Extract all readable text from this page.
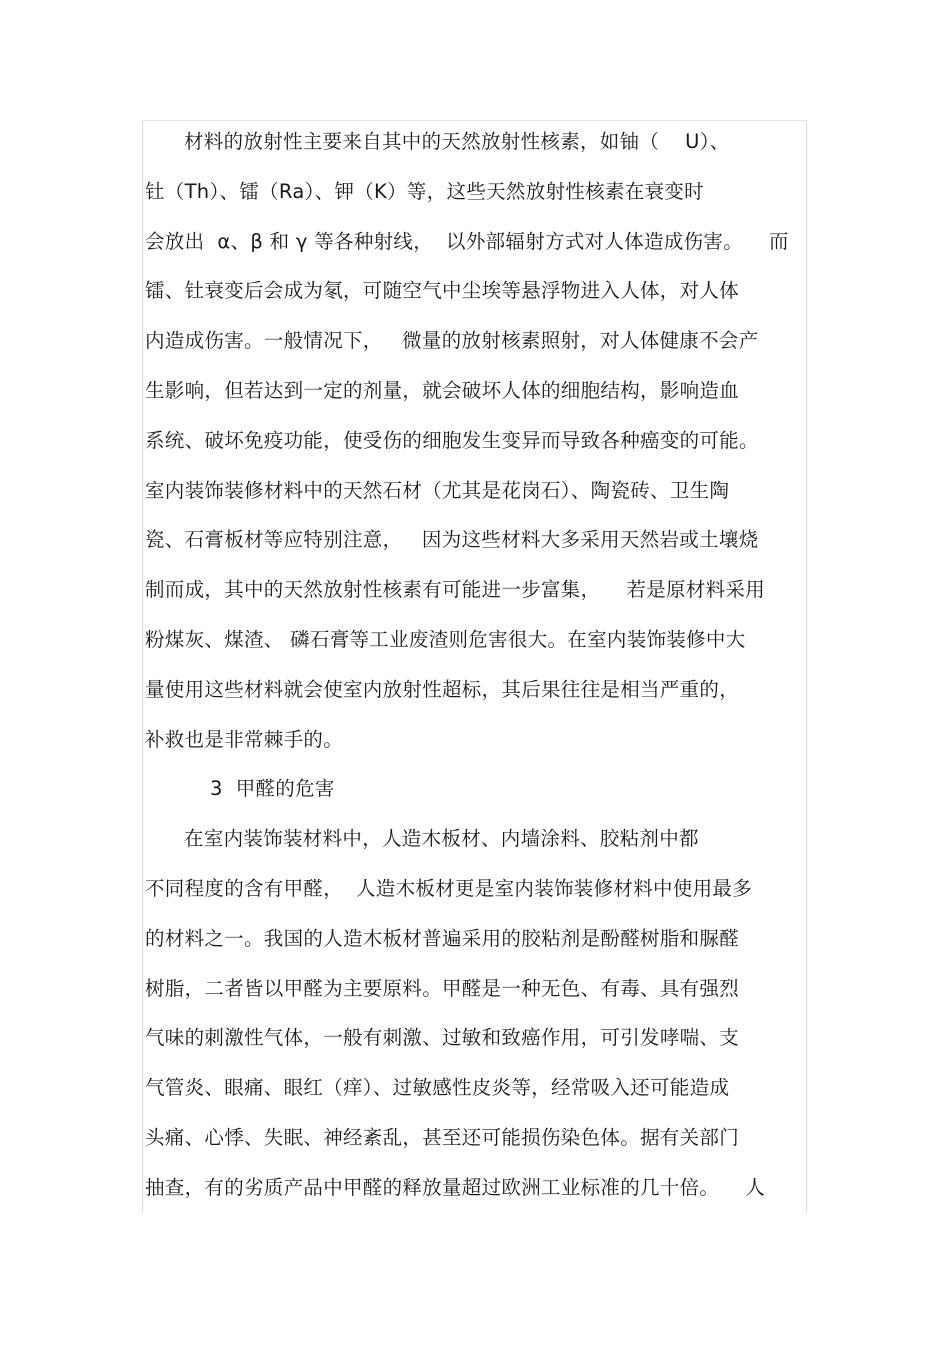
材料的放射性主要来自其中的天然放射性核素，如铀（    U）、
钍（Th）、镭（Ra）、钾（K）等，这些天然放射性核素在衰变时
会放出  α、β 和 γ 等各种射线，  以外部辐射方式对人体造成伤害。    而
镭、钍衰变后会成为氡，可随空气中尘埃等悬浮物进入人体，对人体
内造成伤害。一般情况下，   微量的放射核素照射，对人体健康不会产
生影响，但若达到一定的剂量，就会破坏人体的细胞结构，影响造血
系统、破坏免疫功能，使受伤的细胞发生变异而导致各种癌变的可能。
室内装饰装修材料中的天然石材（尤其是花岗石）、陶瓷砖、卫生陶
瓷、石膏板材等应特别注意，   因为这些材料大多采用天然岩或土壤烧
制而成，其中的天然放射性核素有可能进一步富集，    若是原材料采用
粉煤灰、煤渣、 磷石膏等工业废渣则危害很大。在室内装饰装修中大
量使用这些材料就会使室内放射性超标，其后果往往是相当严重的，
补救也是非常棘手的。
3  甲醛的危害
在室内装饰装材料中，人造木板材、内墙涂料、胶粘剂中都
不同程度的含有甲醛，  人造木板材更是室内装饰装修材料中使用最多
的材料之一。我国的人造木板材普遍采用的胶粘剂是酚醛树脂和脲醛
树脂，二者皆以甲醛为主要原料。甲醛是一种无色、有毒、具有强烈
气味的刺激性气体，一般有刺激、过敏和致癌作用，可引发哮喘、支
气管炎、眼痛、眼红（痒）、过敏感性皮炎等，经常吸入还可能造成
头痛、心悸、失眠、神经紊乱，甚至还可能损伤染色体。据有关部门
抽查，有的劣质产品中甲醛的释放量超过欧洲工业标准的几十倍。    人
